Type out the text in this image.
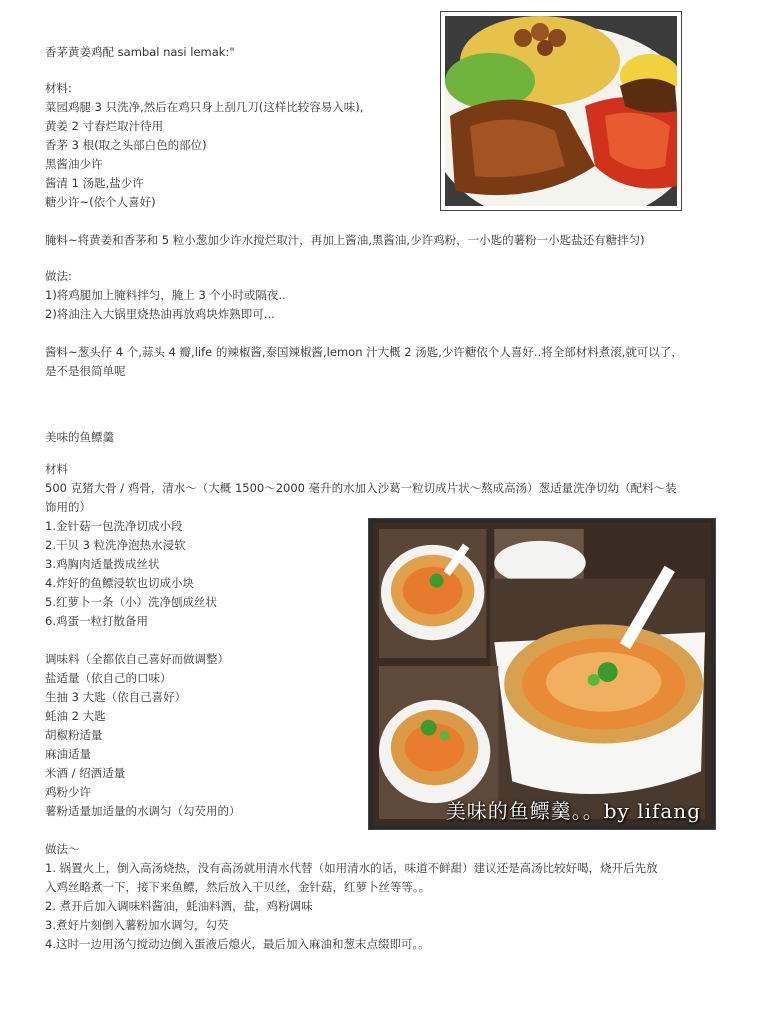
香茅黄姜鸡配 sambal nasi lemak:"
材料:
菜园鸡腿 3 只洗净,然后在鸡只身上刮几刀(这样比较容易入味),
黄姜 2 寸舂烂取汁待用
香茅 3 根(取之头部白色的部位)
黑酱油少许
酱清 1 汤匙,盐少许
糖少许~(依个人喜好)
腌料~将黄姜和香茅和 5 粒小葱加少许水搅烂取汁，再加上酱油,黑酱油,少许鸡粉，一小匙的薯粉一小匙盐还有糖拌匀)
做法:
1)将鸡腿加上腌料拌匀，腌上 3 个小时或隔夜..
2)将油注入大锅里烧热油再放鸡块炸熟即可...
酱料~葱头仔 4 个,蒜头 4 瓣,life 的辣椒酱,泰国辣椒酱,lemon 汁大概 2 汤匙,少许糖依个人喜好..将全部材料煮滚,就可以了，
是不是很简单呢
美味的鱼鳔羹
材料
500 克猪大骨 / 鸡骨，清水～（大概 1500～2000 毫升的水加入沙葛一粒切成片状～熬成高汤）葱适量洗净切幼（配料～装
饰用的）
1.金针菇一包洗净切成小段
2.干贝 3 粒洗净泡热水浸软
3.鸡胸肉适量拨成丝状
4.炸好的鱼鳔浸软也切成小块
5.红萝卜一条（小）洗净刨成丝状
6.鸡蛋一粒打散备用
调味料（全都依自己喜好而做调整）
盐适量（依自己的口味）
生抽 3 大匙（依自己喜好）
蚝油 2 大匙
胡椒粉适量
麻油适量
米酒 / 绍酒适量
鸡粉少许
薯粉适量加适量的水调匀（勾芡用的）
做法～
1. 锅置火上，倒入高汤烧热，没有高汤就用清水代替（如用清水的话，味道不鲜甜）建议还是高汤比较好喝，烧开后先放
入鸡丝略煮一下，接下来鱼鳔，然后放入干贝丝，金针菇，红萝卜丝等等。。
2. 煮开后加入调味料酱油，蚝油料酒，盐，鸡粉调味
3.煮好片刻倒入薯粉加水调匀，勾芡
4.这时一边用汤勺搅动边倒入蛋液后熄火，最后加入麻油和葱末点缀即可。。
美味的鱼鳔羹。。by lifang
